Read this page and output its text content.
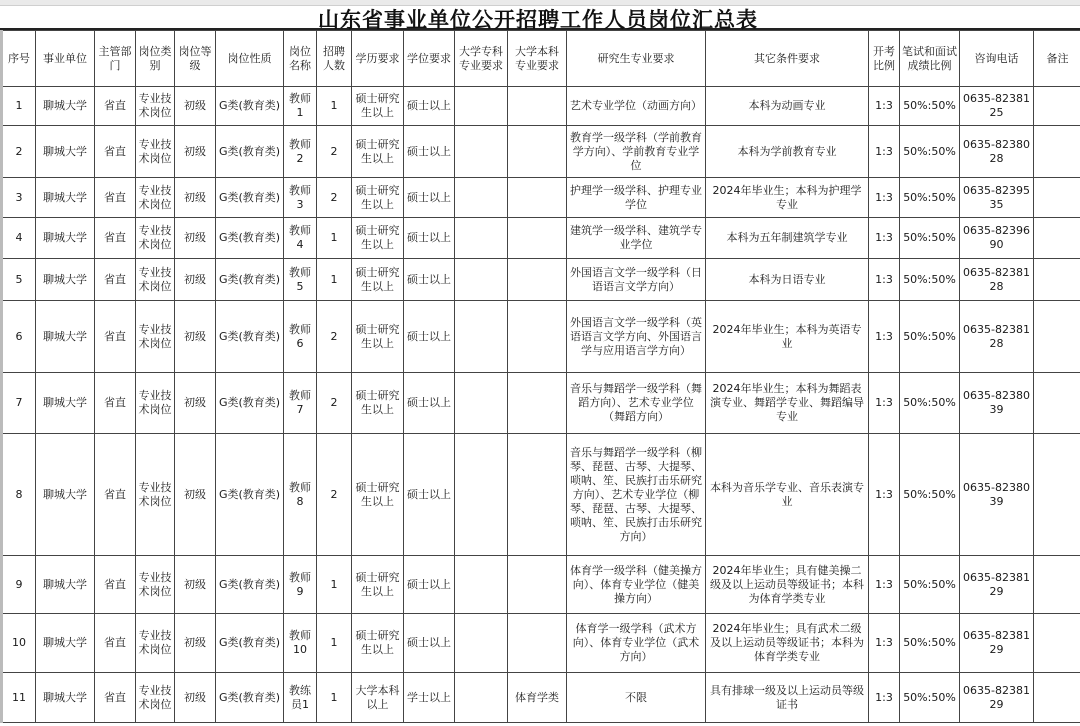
山东省事业单位公开招聘工作人员岗位汇总表
序号	事业单位	主管部门	岗位类别	岗位等级	岗位性质	岗位名称	招聘人数	学历要求	学位要求	大学专科专业要求	大学本科专业要求	研究生专业要求	其它条件要求	开考比例	笔试和面试成绩比例	咨询电话	备注
1	聊城大学	省直	专业技术岗位	初级	G类(教育类)	教师1	1	硕士研究生以上	硕士以上			艺术专业学位（动画方向）	本科为动画专业	1:3	50%:50%	0635-8238125	
2	聊城大学	省直	专业技术岗位	初级	G类(教育类)	教师2	2	硕士研究生以上	硕士以上			教育学一级学科（学前教育学方向）、学前教育专业学位	本科为学前教育专业	1:3	50%:50%	0635-8238028	
3	聊城大学	省直	专业技术岗位	初级	G类(教育类)	教师3	2	硕士研究生以上	硕士以上			护理学一级学科、护理专业学位	2024年毕业生；本科为护理学专业	1:3	50%:50%	0635-8239535	
4	聊城大学	省直	专业技术岗位	初级	G类(教育类)	教师4	1	硕士研究生以上	硕士以上			建筑学一级学科、建筑学专业学位	本科为五年制建筑学专业	1:3	50%:50%	0635-8239690	
5	聊城大学	省直	专业技术岗位	初级	G类(教育类)	教师5	1	硕士研究生以上	硕士以上			外国语言文学一级学科（日语语言文学方向）	本科为日语专业	1:3	50%:50%	0635-8238128	
6	聊城大学	省直	专业技术岗位	初级	G类(教育类)	教师6	2	硕士研究生以上	硕士以上			外国语言文学一级学科（英语语言文学方向、外国语言学与应用语言学方向）	2024年毕业生；本科为英语专业	1:3	50%:50%	0635-8238128	
7	聊城大学	省直	专业技术岗位	初级	G类(教育类)	教师7	2	硕士研究生以上	硕士以上			音乐与舞蹈学一级学科（舞蹈方向）、艺术专业学位（舞蹈方向）	2024年毕业生；本科为舞蹈表演专业、舞蹈学专业、舞蹈编导专业	1:3	50%:50%	0635-8238039	
8	聊城大学	省直	专业技术岗位	初级	G类(教育类)	教师8	2	硕士研究生以上	硕士以上			音乐与舞蹈学一级学科（柳琴、琵琶、古琴、大提琴、唢呐、笙、民族打击乐研究方向）、艺术专业学位（柳琴、琵琶、古琴、大提琴、唢呐、笙、民族打击乐研究方向）	本科为音乐学专业、音乐表演专业	1:3	50%:50%	0635-8238039	
9	聊城大学	省直	专业技术岗位	初级	G类(教育类)	教师9	1	硕士研究生以上	硕士以上			体育学一级学科（健美操方向）、体育专业学位（健美操方向）	2024年毕业生；具有健美操二级及以上运动员等级证书；本科为体育学类专业	1:3	50%:50%	0635-8238129	
10	聊城大学	省直	专业技术岗位	初级	G类(教育类)	教师10	1	硕士研究生以上	硕士以上			体育学一级学科（武术方向）、体育专业学位（武术方向）	2024年毕业生；具有武术二级及以上运动员等级证书；本科为体育学类专业	1:3	50%:50%	0635-8238129	
11	聊城大学	省直	专业技术岗位	初级	G类(教育类)	教练员1	1	大学本科以上	学士以上		体育学类	不限	具有排球一级及以上运动员等级证书	1:3	50%:50%	0635-8238129	
